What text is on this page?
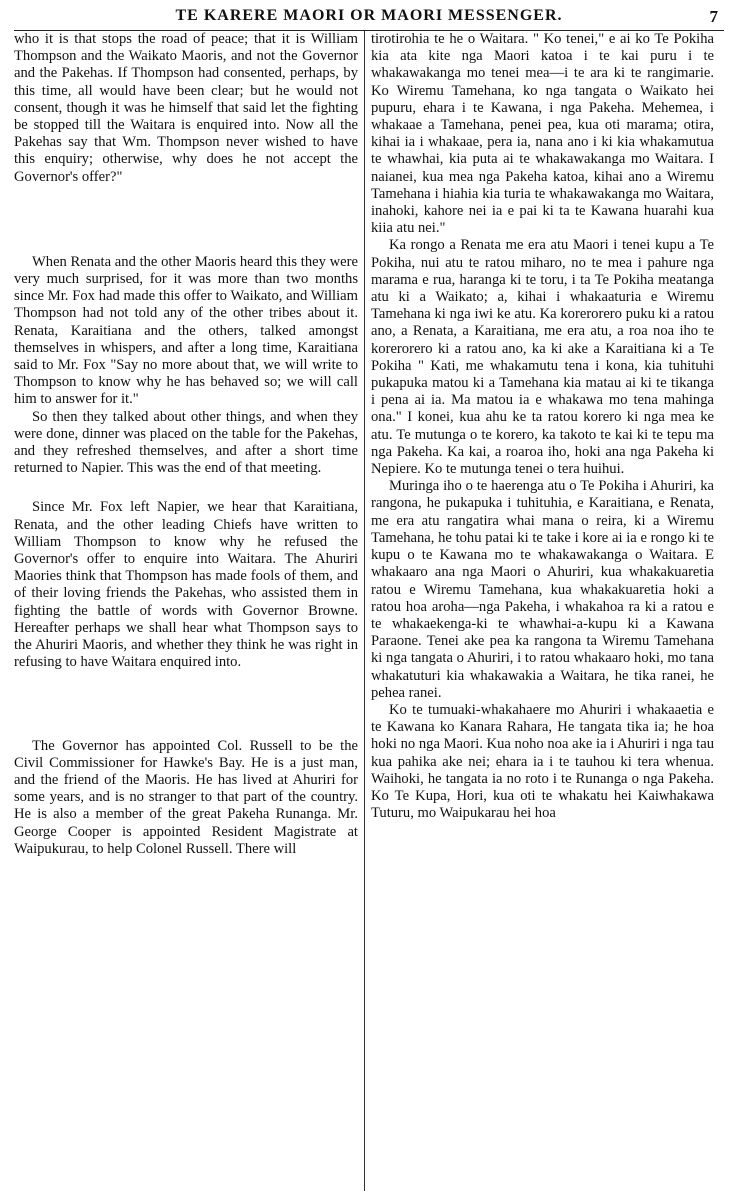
TE KARERE MAORI OR MAORI MESSENGER.	7

who it is that stops the road of peace; that it is William Thompson and the Waikato Maoris, and not the Governor and the Pakehas. If Thompson had consented, perhaps, by this time, all would have been clear; but he would not consent, though it was he himself that said let the fighting be stopped till the Waitara is enquired into. Now all the Pakehas say that Wm. Thompson never wished to have this enquiry; otherwise, why does he not accept the Governor's offer?"

When Renata and the other Maoris heard this they were very much surprised, for it was more than two months since Mr. Fox had made this offer to Waikato, and William Thompson had not told any of the other tribes about it. Renata, Karaitiana and the others, talked amongst themselves in whispers, and after a long time, Karaitiana said to Mr. Fox "Say no more about that, we will write to Thompson to know why he has behaved so; we will call him to answer for it."

So then they talked about other things, and when they were done, dinner was placed on the table for the Pakehas, and they refreshed themselves, and after a short time returned to Napier. This was the end of that meeting.

Since Mr. Fox left Napier, we hear that Karaitiana, Renata, and the other leading Chiefs have written to William Thompson to know why he refused the Governor's offer to enquire into Waitara. The Ahuriri Maories think that Thompson has made fools of them, and of their loving friends the Pakehas, who assisted them in fighting the battle of words with Governor Browne. Hereafter perhaps we shall hear what Thompson says to the Ahuriri Maoris, and whether they think he was right in refusing to have Waitara enquired into.

The Governor has appointed Col. Russell to be the Civil Commissioner for Hawke's Bay. He is a just man, and the friend of the Maoris. He has lived at Ahuriri for some years, and is no stranger to that part of the country. He is also a member of the great Pakeha Runanga. Mr. George Cooper is appointed Resident Magistrate at Waipukurau, to help Colonel Russell. There will

tirotirohia te he o Waitara. " Ko tenei," e ai ko Te Pokiha kia ata kite nga Maori katoa i te kai puru i te whakawakanga mo tenei mea—i te ara ki te rangimarie. Ko Wiremu Tamehana, ko nga tangata o Waikato hei pupuru, ehara i te Kawana, i nga Pakeha. Mehemea, i whakaae a Tamehana, penei pea, kua oti marama; otira, kihai ia i whakaae, pera ia, nana ano i ki kia whakamutua te whawhai, kia puta ai te whakawakanga mo Waitara. I naianei, kua mea nga Pakeha katoa, kihai ano a Wiremu Tamehana i hiahia kia turia te whakawakanga mo Waitara, inahoki, kahore nei ia e pai ki ta te Kawana huarahi kua kiia atu nei."

Ka rongo a Renata me era atu Maori i tenei kupu a Te Pokiha, nui atu te ratou miharo, no te mea i pahure nga marama e rua, haranga ki te toru, i ta Te Pokiha meatanga atu ki a Waikato; a, kihai i whakaaturia e Wiremu Tamehana ki nga iwi ke atu. Ka korerorero puku ki a ratou ano, a Renata, a Karaitiana, me era atu, a roa noa iho te korerorero ki a ratou ano, ka ki ake a Karaitiana ki a Te Pokiha " Kati, me whakamutu tena i kona, kia tuhituhi pukapuka matou ki a Tamehana kia matau ai ki te tikanga i pena ai ia. Ma matou ia e whakawa mo tena mahinga ona." I konei, kua ahu ke ta ratou korero ki nga mea ke atu. Te mutunga o te korero, ka takoto te kai ki te tepu ma nga Pakeha. Ka kai, a roaroa iho, hoki ana nga Pakeha ki Nepiere. Ko te mutunga tenei o tera huihui.

Muringa iho o te haerenga atu o Te Pokiha i Ahuriri, ka rangona, he pukapuka i tuhituhia, e Karaitiana, e Renata, me era atu rangatira whai mana o reira, ki a Wiremu Tamehana, he tohu patai ki te take i kore ai ia e rongo ki te kupu o te Kawana mo te whakawakanga o Waitara. E whakaaro ana nga Maori o Ahuriri, kua whakakuaretia ratou e Wiremu Tamehana, kua whakakuaretia hoki a ratou hoa aroha—nga Pakeha, i whakahoa ra ki a ratou e te whakaekenga-ki te whawhai-a-kupu ki a Kawana Paraone. Tenei ake pea ka rangona ta Wiremu Tamehana ki nga tangata o Ahuriri, i to ratou whakaaro hoki, mo tana whakatuturi kia whakawakia a Waitara, he tika ranei, he pehea ranei.

Ko te tumuaki-whakahaere mo Ahuriri i whakaaetia e te Kawana ko Kanara Rahara, He tangata tika ia; he hoa hoki no nga Maori. Kua noho noa ake ia i Ahuriri i nga tau kua pahika ake nei; ehara ia i te tauhou ki tera whenua. Waihoki, he tangata ia no roto i te Runanga o nga Pakeha. Ko Te Kupa, Hori, kua oti te whakatu hei Kaiwhakawa Tuturu, mo Waipukarau hei hoa
